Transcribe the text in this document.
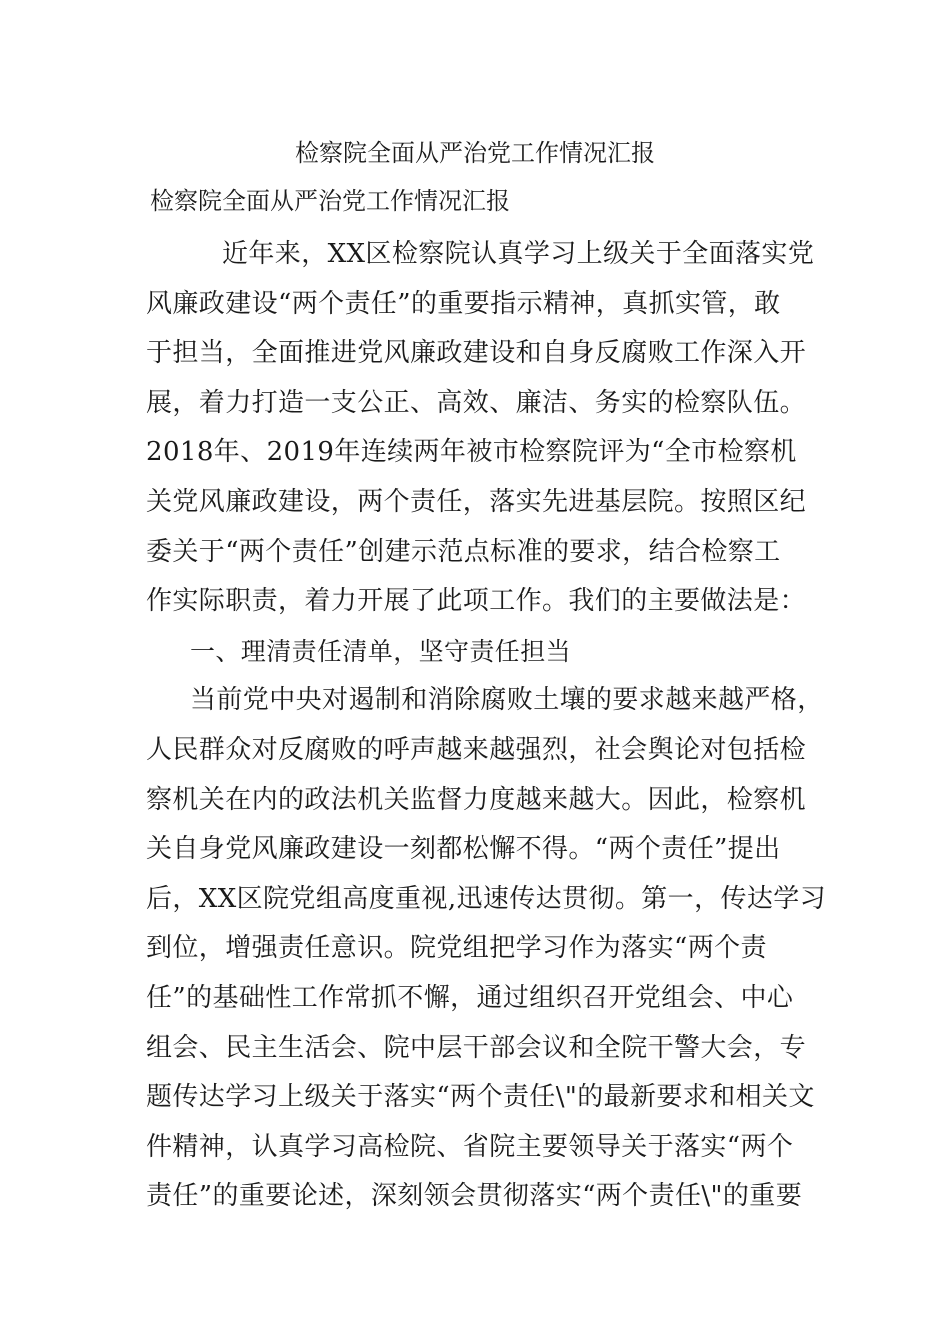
检察院全面从严治党工作情况汇报
检察院全面从严治党工作情况汇报
近年来，XX区检察院认真学习上级关于全面落实党
风廉政建设“两个责任”的重要指示精神，真抓实管，敢
于担当，全面推进党风廉政建设和自身反腐败工作深入开
展，着力打造一支公正、高效、廉洁、务实的检察队伍。
2018年、2019年连续两年被市检察院评为“全市检察机
关党风廉政建设，两个责任，落实先进基层院。按照区纪
委关于“两个责任”创建示范点标准的要求，结合检察工
作实际职责，着力开展了此项工作。我们的主要做法是：
一、理清责任清单，坚守责任担当
当前党中央对遏制和消除腐败土壤的要求越来越严格，
人民群众对反腐败的呼声越来越强烈，社会舆论对包括检
察机关在内的政法机关监督力度越来越大。因此，检察机
关自身党风廉政建设一刻都松懈不得。“两个责任”提出
后，XX区院党组高度重视,迅速传达贯彻。第一，传达学习
到位，增强责任意识。院党组把学习作为落实“两个责
任”的基础性工作常抓不懈，通过组织召开党组会、中心
组会、民主生活会、院中层干部会议和全院干警大会，专
题传达学习上级关于落实“两个责任\"的最新要求和相关文
件精神，认真学习高检院、省院主要领导关于落实“两个
责任”的重要论述，深刻领会贯彻落实“两个责任\"的重要
